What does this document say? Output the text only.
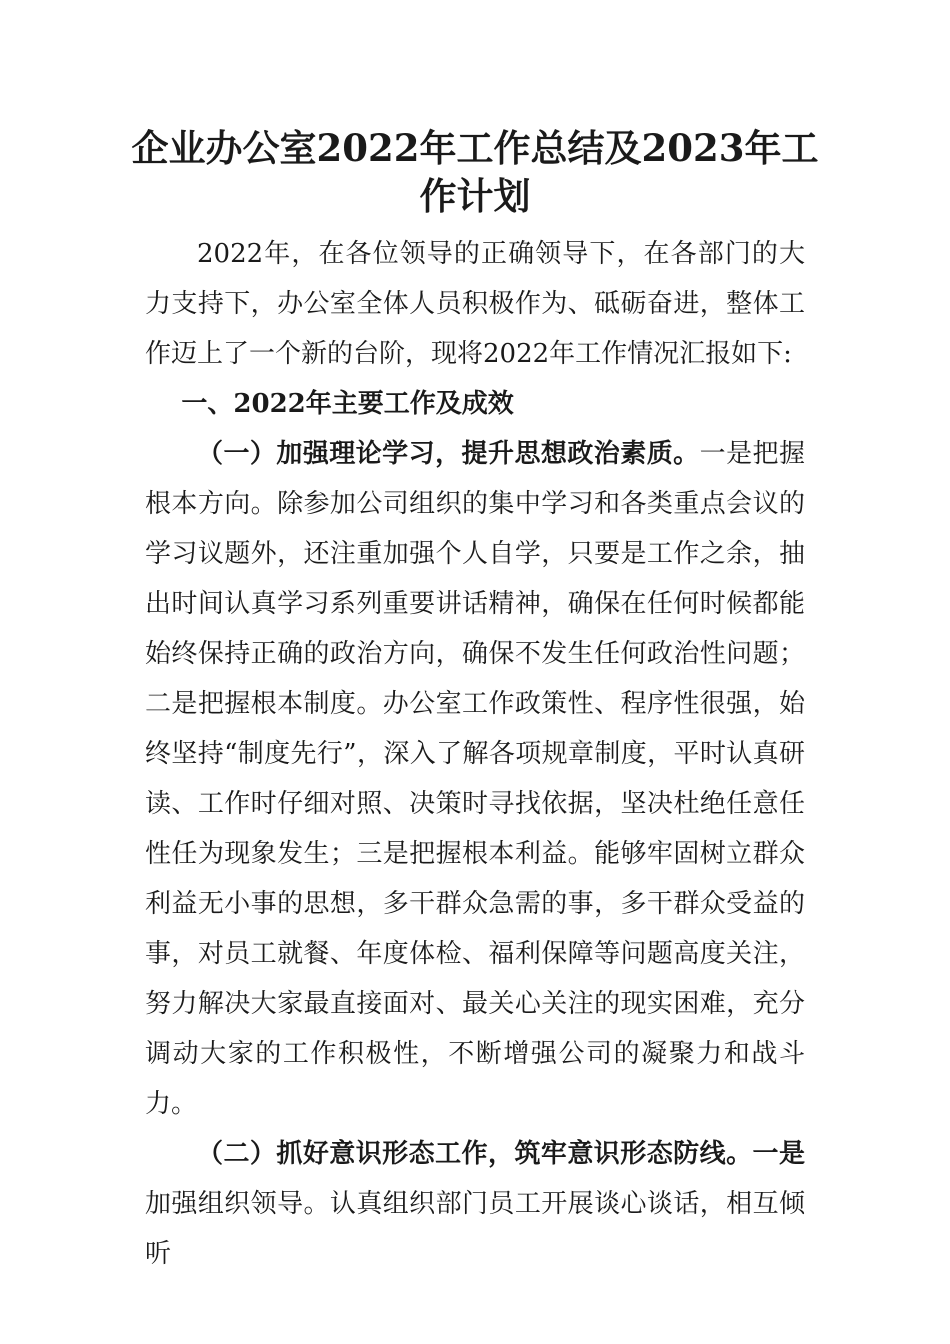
企业办公室2022年工作总结及2023年工作计划

2022年，在各位领导的正确领导下，在各部门的大力支持下，办公室全体人员积极作为、砥砺奋进，整体工作迈上了一个新的台阶，现将2022年工作情况汇报如下:

一、2022年主要工作及成效

（一）加强理论学习，提升思想政治素质。一是把握根本方向。除参加公司组织的集中学习和各类重点会议的学习议题外，还注重加强个人自学，只要是工作之余，抽出时间认真学习系列重要讲话精神，确保在任何时候都能始终保持正确的政治方向，确保不发生任何政治性问题；二是把握根本制度。办公室工作政策性、程序性很强，始终坚持“制度先行”，深入了解各项规章制度，平时认真研读、工作时仔细对照、决策时寻找依据，坚决杜绝任意任性任为现象发生；三是把握根本利益。能够牢固树立群众利益无小事的思想，多干群众急需的事，多干群众受益的事，对员工就餐、年度体检、福利保障等问题高度关注，努力解决大家最直接面对、最关心关注的现实困难，充分调动大家的工作积极性，不断增强公司的凝聚力和战斗力。

（二）抓好意识形态工作，筑牢意识形态防线。一是加强组织领导。认真组织部门员工开展谈心谈话，相互倾听
